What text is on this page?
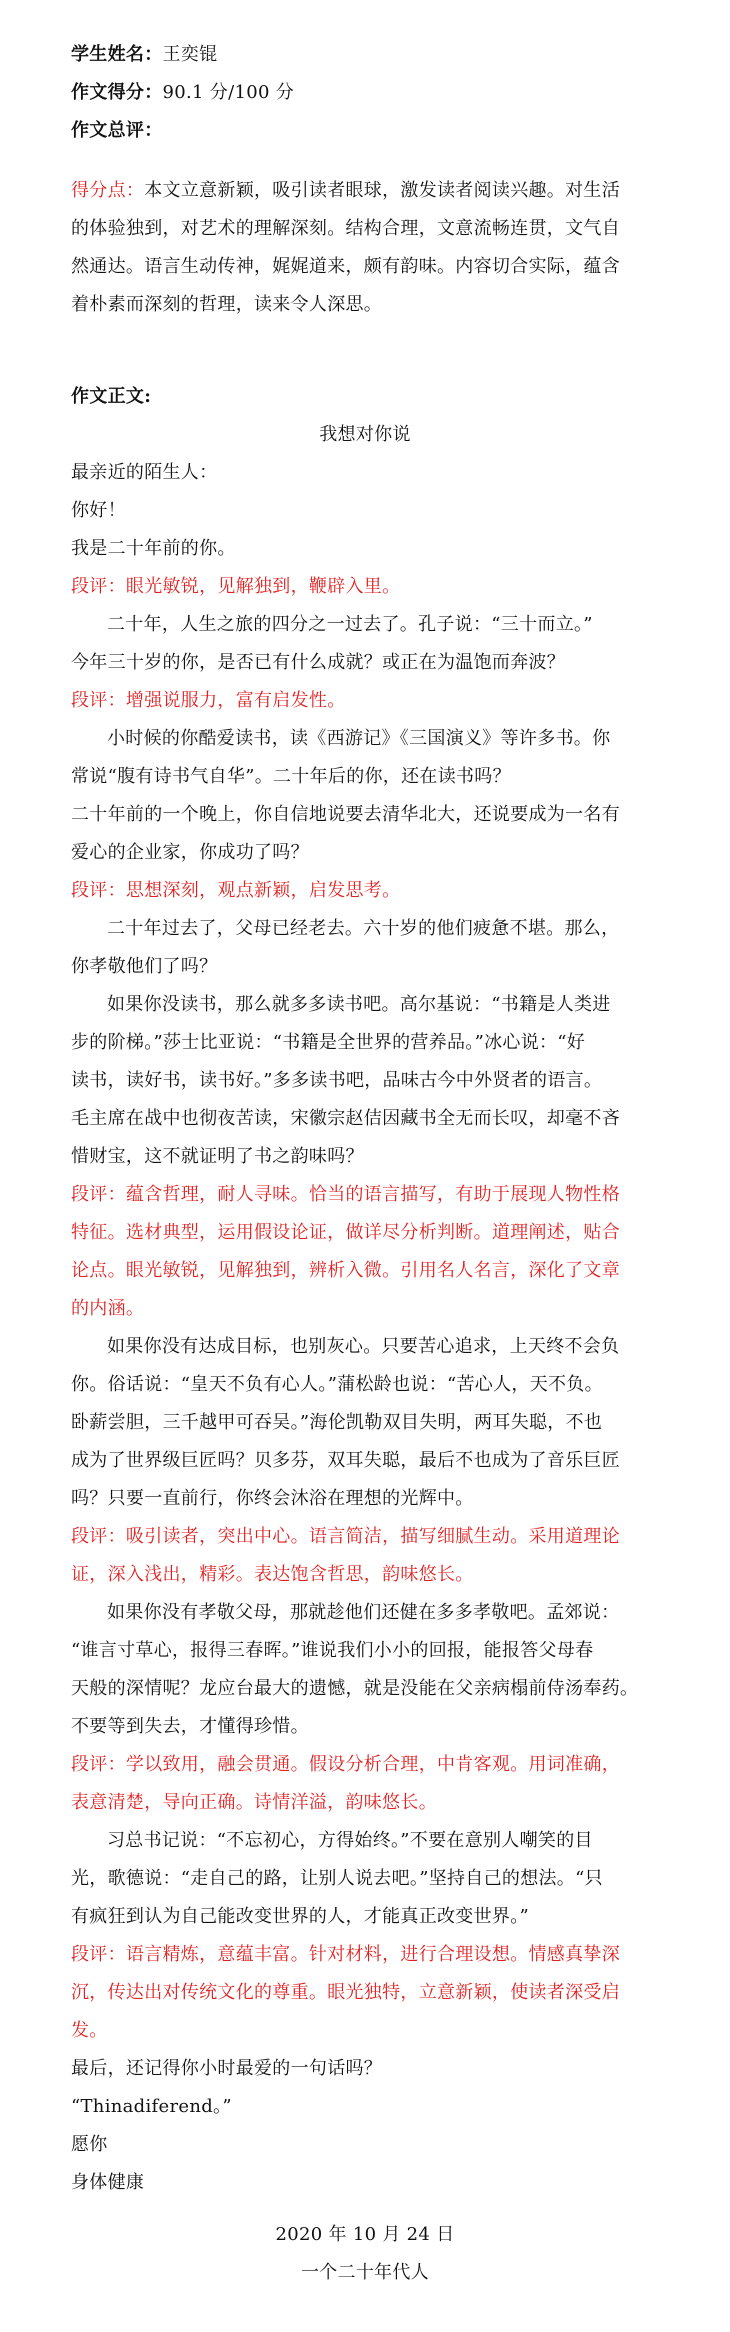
学生姓名：王奕锟
作文得分：90.1 分/100 分
作文总评：
得分点：本文立意新颖，吸引读者眼球，激发读者阅读兴趣。对生活
的体验独到，对艺术的理解深刻。结构合理，文意流畅连贯，文气自
然通达。语言生动传神，娓娓道来，颇有韵味。内容切合实际，蕴含
着朴素而深刻的哲理，读来令人深思。
作文正文:
我想对你说
最亲近的陌生人：
你好！
我是二十年前的你。
段评：眼光敏锐，见解独到，鞭辟入里。
二十年，人生之旅的四分之一过去了。孔子说：“三十而立。”
今年三十岁的你，是否已有什么成就？或正在为温饱而奔波？
段评：增强说服力，富有启发性。
小时候的你酷爱读书，读《西游记》《三国演义》等许多书。你
常说“腹有诗书气自华”。二十年后的你，还在读书吗？
二十年前的一个晚上，你自信地说要去清华北大，还说要成为一名有
爱心的企业家，你成功了吗？
段评：思想深刻，观点新颖，启发思考。
二十年过去了，父母已经老去。六十岁的他们疲惫不堪。那么，
你孝敬他们了吗？
如果你没读书，那么就多多读书吧。高尔基说：“书籍是人类进
步的阶梯。”莎士比亚说：“书籍是全世界的营养品。”冰心说：“好
读书，读好书，读书好。”多多读书吧，品味古今中外贤者的语言。
毛主席在战中也彻夜苦读，宋徽宗赵佶因藏书全无而长叹，却毫不吝
惜财宝，这不就证明了书之韵味吗？
段评：蕴含哲理，耐人寻味。恰当的语言描写，有助于展现人物性格
特征。选材典型，运用假设论证，做详尽分析判断。道理阐述，贴合
论点。眼光敏锐，见解独到，辨析入微。引用名人名言，深化了文章
的内涵。
如果你没有达成目标，也别灰心。只要苦心追求，上天终不会负
你。俗话说：“皇天不负有心人。”蒲松龄也说：“苦心人，天不负。
卧薪尝胆，三千越甲可吞吴。”海伦凯勒双目失明，两耳失聪，不也
成为了世界级巨匠吗？贝多芬，双耳失聪，最后不也成为了音乐巨匠
吗？只要一直前行，你终会沐浴在理想的光辉中。
段评：吸引读者，突出中心。语言简洁，描写细腻生动。采用道理论
证，深入浅出，精彩。表达饱含哲思，韵味悠长。
如果你没有孝敬父母，那就趁他们还健在多多孝敬吧。孟郊说：
“谁言寸草心，报得三春晖。”谁说我们小小的回报，能报答父母春
天般的深情呢？龙应台最大的遗憾，就是没能在父亲病榻前侍汤奉药。
不要等到失去，才懂得珍惜。
段评：学以致用，融会贯通。假设分析合理，中肯客观。用词准确，
表意清楚，导向正确。诗情洋溢，韵味悠长。
习总书记说：“不忘初心，方得始终。”不要在意别人嘲笑的目
光，歌德说：“走自己的路，让别人说去吧。”坚持自己的想法。“只
有疯狂到认为自己能改变世界的人，才能真正改变世界。”
段评：语言精炼，意蕴丰富。针对材料，进行合理设想。情感真挚深
沉，传达出对传统文化的尊重。眼光独特，立意新颖，使读者深受启
发。
最后，还记得你小时最爱的一句话吗？
“Thinadiferend。”
愿你
身体健康
2020 年 10 月 24 日
一个二十年代人
